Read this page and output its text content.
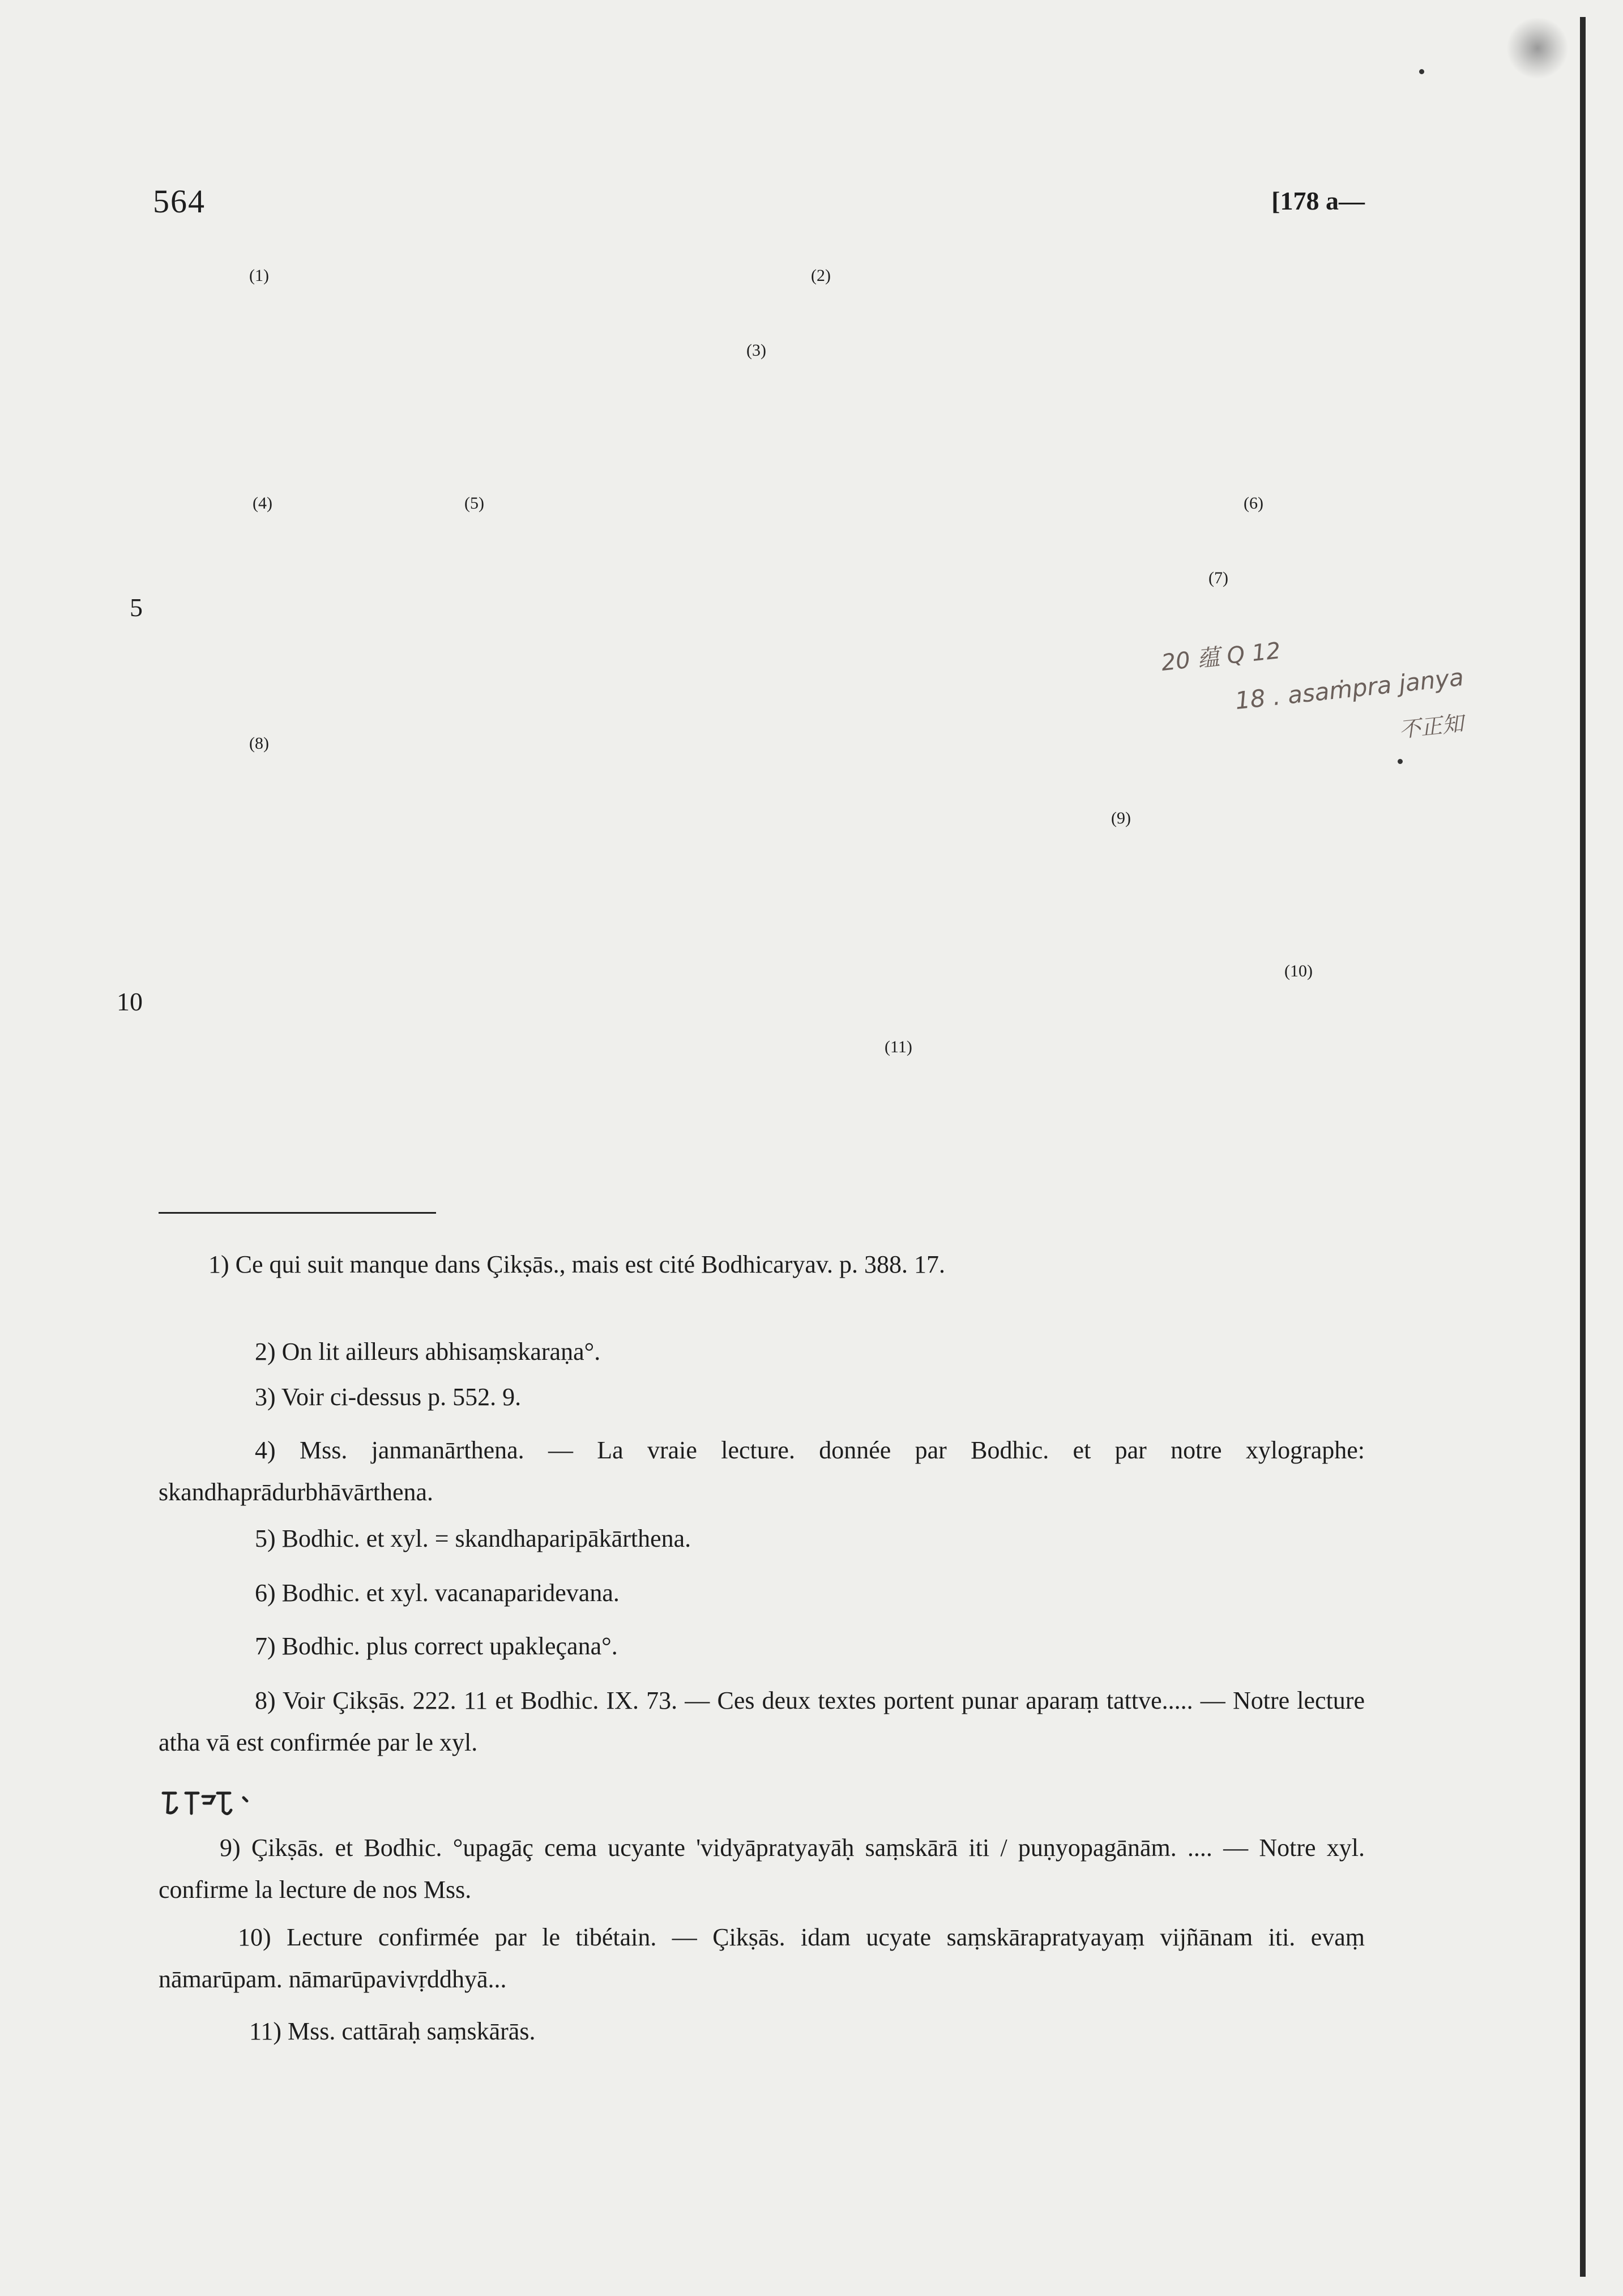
564	[178 a—
(1)	(2)
(3)
(4)	(5)	(6)
5
(7)
20 蕴 Q 12
18 . asaṁpra janya
不正知
(8)
(9)
10
(10)
(11)
1) Ce qui suit manque dans Çikṣās., mais est cité Bodhicaryav. p. 388. 17.
2) On lit ailleurs abhisaṃskaraṇa°.
3) Voir ci-dessus p. 552. 9.
4) Mss. janmanārthena. — La vraie lecture. donnée par Bodhic. et par notre xylographe: skandhaprādurbhāvārthena.
5) Bodhic. et xyl. = skandhaparipākārthena.
6) Bodhic. et xyl. vacanaparidevana.
7) Bodhic. plus correct upakleçana°.
8) Voir Çikṣās. 222. 11 et Bodhic. IX. 73. — Ces deux textes portent punar aparaṃ tattve..... — Notre lecture atha vā est confirmée par le xyl.
9) Çikṣās. et Bodhic. °upagāç cema ucyante 'vidyāpratyayāḥ saṃskārā iti / puṇyopagānām. .... — Notre xyl. confirme la lecture de nos Mss.
10) Lecture confirmée par le tibétain. — Çikṣās. idam ucyate saṃskārapratyayaṃ vijñānam iti. evaṃ nāmarūpam. nāmarūpavivṛddhyā...
11) Mss. cattāraḥ saṃskārās.
